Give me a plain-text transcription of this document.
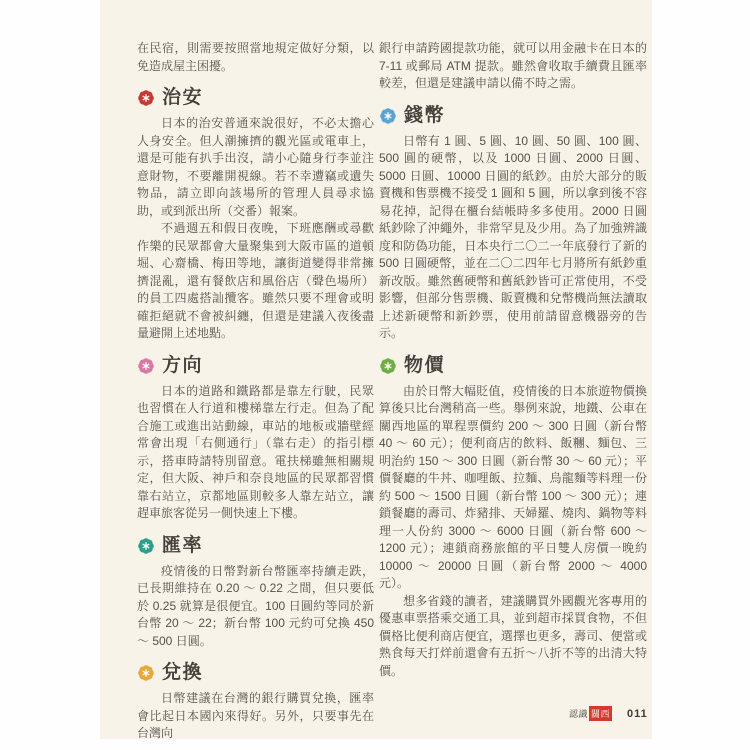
在民宿，則需要按照當地規定做好分類，以免造成屋主困擾。

治安

日本的治安普通來說很好，不必太擔心人身安全。但人潮擁擠的觀光區或電車上，還是可能有扒手出沒，請小心隨身行李並注意財物，不要離開視線。若不幸遭竊或遺失物品，請立即向該場所的管理人員尋求協助，或到派出所（交番）報案。

不過週五和假日夜晚，下班應酬或尋歡作樂的民眾都會大量聚集到大阪市區的道頓堀、心齋橋、梅田等地，讓街道變得非常擁擠混亂，還有餐飲店和風俗店（聲色場所）的員工四處搭訕攬客。雖然只要不理會或明確拒絕就不會被糾纏，但還是建議入夜後盡量避開上述地點。

方向

日本的道路和鐵路都是靠左行駛，民眾也習慣在人行道和樓梯靠左行走。但為了配合施工或進出站動線，車站的地板或牆壁經常會出現「右側通行」（靠右走）的指引標示，搭車時請特別留意。電扶梯雖無相關規定，但大阪、神戶和奈良地區的民眾都習慣靠右站立，京都地區則較多人靠左站立，讓趕車旅客從另一側快速上下樓。

匯率

疫情後的日幣對新台幣匯率持續走跌，已長期維持在 0.20 ～ 0.22 之間，但只要低於 0.25 就算是很便宜。100 日圓約等同於新台幣 20 ～ 22；新台幣 100 元約可兌換 450 ～ 500 日圓。

兌換

日幣建議在台灣的銀行購買兌換，匯率會比起日本國內來得好。另外，只要事先在台灣向

銀行申請跨國提款功能，就可以用金融卡在日本的 7-11 或郵局 ATM 提款。雖然會收取手續費且匯率較差，但還是建議申請以備不時之需。

錢幣

日幣有 1 圓、5 圓、10 圓、50 圓、100 圓、500 圓的硬幣，以及 1000 日圓、2000 日圓、5000 日圓、10000 日圓的紙鈔。由於大部分的販賣機和售票機不接受 1 圓和 5 圓，所以拿到後不容易花掉，記得在櫃台結帳時多多使用。2000 日圓紙鈔除了沖繩外，非常罕見及少用。為了加強辨識度和防偽功能，日本央行二〇二一年底發行了新的 500 日圓硬幣，並在二〇二四年七月將所有紙鈔重新改版。雖然舊硬幣和舊紙鈔皆可正常使用，不受影響，但部分售票機、販賣機和兌幣機尚無法讀取上述新硬幣和新鈔票，使用前請留意機器旁的告示。

物價

由於日幣大幅貶值，疫情後的日本旅遊物價換算後只比台灣稍高一些。舉例來說，地鐵、公車在關西地區的單程票價約 200 ～ 300 日圓（新台幣 40 ～ 60 元）；便利商店的飲料、飯糰、麵包、三明治約 150 ～ 300 日圓（新台幣 30 ～ 60 元）；平價餐廳的牛丼、咖哩飯、拉麵、烏龍麵等料理一份約 500 ～ 1500 日圓（新台幣 100 ～ 300 元）；連鎖餐廳的壽司、炸豬排、天婦羅、燒肉、鍋物等料理一人份約 3000 ～ 6000 日圓（新台幣 600 ～ 1200 元）；連鎖商務旅館的平日雙人房價一晚約 10000 ～ 20000 日圓（新台幣 2000 ～ 4000 元）。

想多省錢的讀者，建議購買外國觀光客專用的優惠車票搭乘交通工具，並到超市採買食物，不但價格比便利商店便宜，選擇也更多，壽司、便當或熟食每天打烊前還會有五折～八折不等的出清大特價。

認識 關西 011
